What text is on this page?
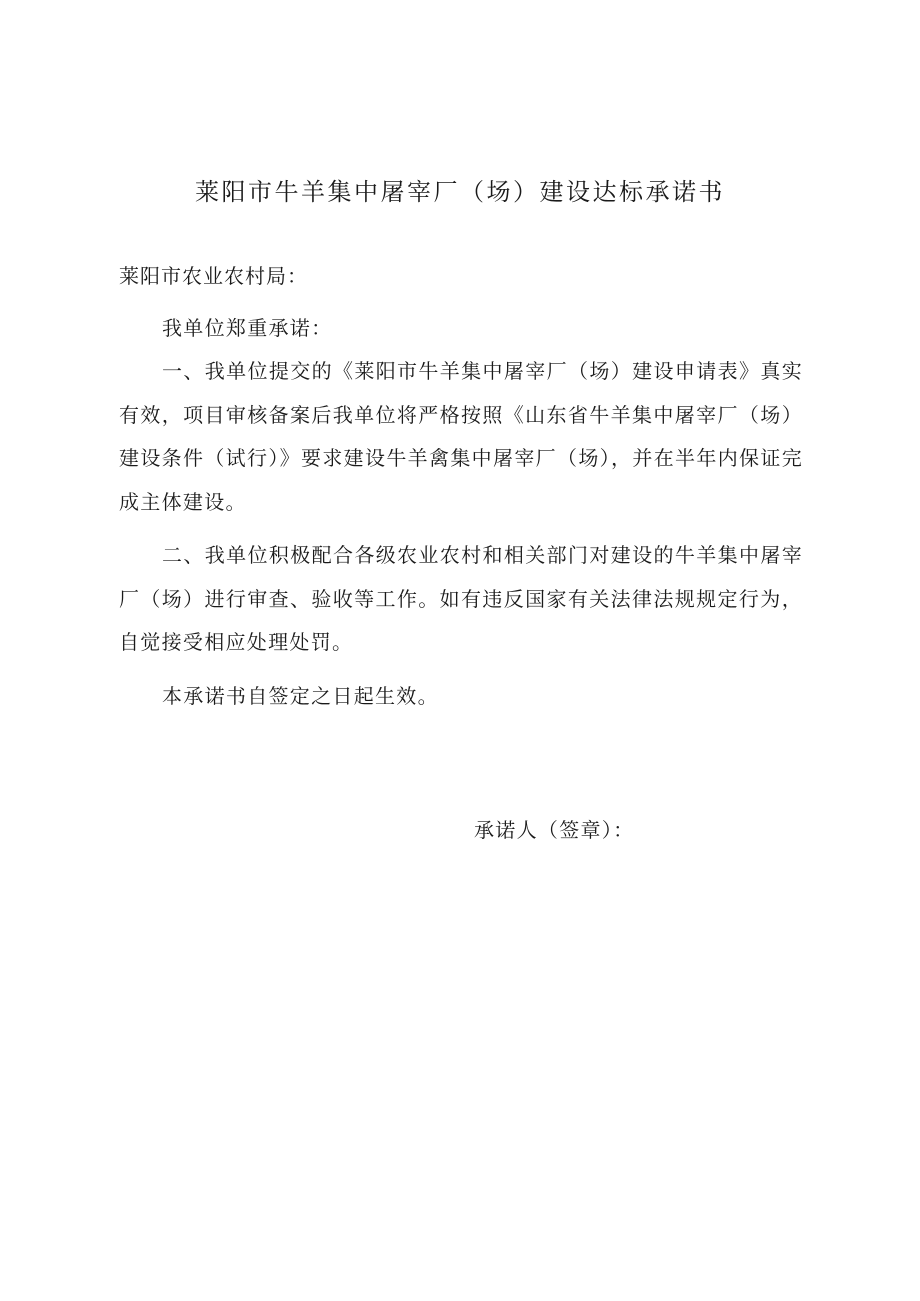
莱阳市牛羊集中屠宰厂（场）建设达标承诺书

莱阳市农业农村局：

我单位郑重承诺：

一、我单位提交的《莱阳市牛羊集中屠宰厂（场）建设申请表》真实有效，项目审核备案后我单位将严格按照《山东省牛羊集中屠宰厂（场）建设条件（试行）》要求建设牛羊禽集中屠宰厂（场），并在半年内保证完成主体建设。

二、我单位积极配合各级农业农村和相关部门对建设的牛羊集中屠宰厂（场）进行审查、验收等工作。如有违反国家有关法律法规规定行为，自觉接受相应处理处罚。

本承诺书自签定之日起生效。

承诺人（签章）：
